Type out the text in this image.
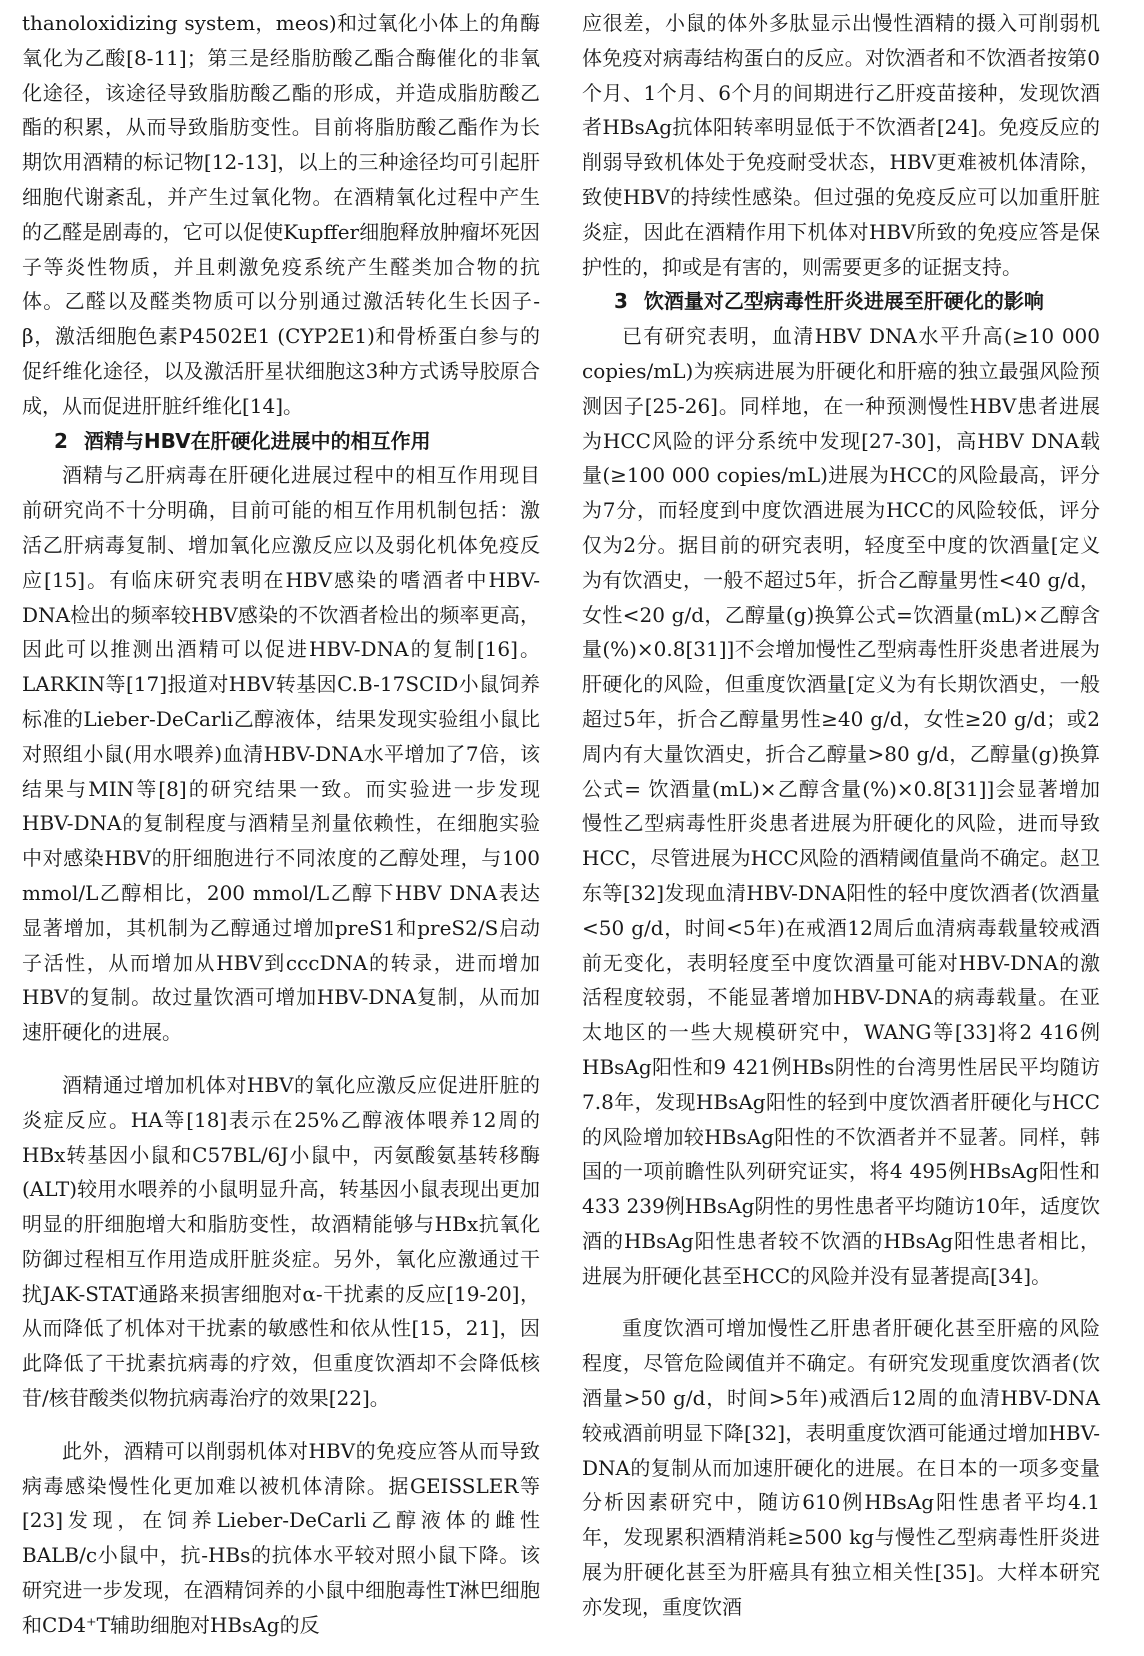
thanoloxidizing system，meos)和过氧化小体上的角酶氧化为乙酸[8-11]；第三是经脂肪酸乙酯合酶催化的非氧化途径，该途径导致脂肪酸乙酯的形成，并造成脂肪酸乙酯的积累，从而导致脂肪变性。目前将脂肪酸乙酯作为长期饮用酒精的标记物[12-13]，以上的三种途径均可引起肝细胞代谢紊乱，并产生过氧化物。在酒精氧化过程中产生的乙醛是剧毒的，它可以促使Kupffer细胞释放肿瘤坏死因子等炎性物质，并且刺激免疫系统产生醛类加合物的抗体。乙醛以及醛类物质可以分别通过激活转化生长因子-β，激活细胞色素P4502E1 (CYP2E1)和骨桥蛋白参与的促纤维化途径，以及激活肝星状细胞这3种方式诱导胶原合成，从而促进肝脏纤维化[14]。

2 酒精与HBV在肝硬化进展中的相互作用

酒精与乙肝病毒在肝硬化进展过程中的相互作用现目前研究尚不十分明确，目前可能的相互作用机制包括：激活乙肝病毒复制、增加氧化应激反应以及弱化机体免疫反应[15]。有临床研究表明在HBV感染的嗜酒者中HBV-DNA检出的频率较HBV感染的不饮酒者检出的频率更高，因此可以推测出酒精可以促进HBV-DNA的复制[16]。LARKIN等[17]报道对HBV转基因C.B-17SCID小鼠饲养标准的Lieber-DeCarli乙醇液体，结果发现实验组小鼠比对照组小鼠(用水喂养)血清HBV-DNA水平增加了7倍，该结果与MIN等[8]的研究结果一致。而实验进一步发现HBV-DNA的复制程度与酒精呈剂量依赖性，在细胞实验中对感染HBV的肝细胞进行不同浓度的乙醇处理，与100 mmol/L乙醇相比，200 mmol/L乙醇下HBV DNA表达显著增加，其机制为乙醇通过增加preS1和preS2/S启动子活性，从而增加从HBV到cccDNA的转录，进而增加HBV的复制。故过量饮酒可增加HBV-DNA复制，从而加速肝硬化的进展。

酒精通过增加机体对HBV的氧化应激反应促进肝脏的炎症反应。HA等[18]表示在25%乙醇液体喂养12周的HBx转基因小鼠和C57BL/6J小鼠中，丙氨酸氨基转移酶(ALT)较用水喂养的小鼠明显升高，转基因小鼠表现出更加明显的肝细胞增大和脂肪变性，故酒精能够与HBx抗氧化防御过程相互作用造成肝脏炎症。另外，氧化应激通过干扰JAK-STAT通路来损害细胞对α-干扰素的反应[19-20]，从而降低了机体对干扰素的敏感性和依从性[15，21]，因此降低了干扰素抗病毒的疗效，但重度饮酒却不会降低核苷/核苷酸类似物抗病毒治疗的效果[22]。

此外，酒精可以削弱机体对HBV的免疫应答从而导致病毒感染慢性化更加难以被机体清除。据GEISSLER等[23]发现，在饲养Lieber-DeCarli乙醇液体的雌性BALB/c小鼠中，抗-HBs的抗体水平较对照小鼠下降。该研究进一步发现，在酒精饲养的小鼠中细胞毒性T淋巴细胞和CD4⁺T辅助细胞对HBsAg的反

应很差，小鼠的体外多肽显示出慢性酒精的摄入可削弱机体免疫对病毒结构蛋白的反应。对饮酒者和不饮酒者按第0个月、1个月、6个月的间期进行乙肝疫苗接种，发现饮酒者HBsAg抗体阳转率明显低于不饮酒者[24]。免疫反应的削弱导致机体处于免疫耐受状态，HBV更难被机体清除，致使HBV的持续性感染。但过强的免疫反应可以加重肝脏炎症，因此在酒精作用下机体对HBV所致的免疫应答是保护性的，抑或是有害的，则需要更多的证据支持。

3 饮酒量对乙型病毒性肝炎进展至肝硬化的影响

已有研究表明，血清HBV DNA水平升高(≥10 000 copies/mL)为疾病进展为肝硬化和肝癌的独立最强风险预测因子[25-26]。同样地，在一种预测慢性HBV患者进展为HCC风险的评分系统中发现[27-30]，高HBV DNA载量(≥100 000 copies/mL)进展为HCC的风险最高，评分为7分，而轻度到中度饮酒进展为HCC的风险较低，评分仅为2分。据目前的研究表明，轻度至中度的饮酒量[定义为有饮酒史，一般不超过5年，折合乙醇量男性<40 g/d，女性<20 g/d，乙醇量(g)换算公式=饮酒量(mL)×乙醇含量(%)×0.8[31]]不会增加慢性乙型病毒性肝炎患者进展为肝硬化的风险，但重度饮酒量[定义为有长期饮酒史，一般超过5年，折合乙醇量男性≥40 g/d，女性≥20 g/d；或2周内有大量饮酒史，折合乙醇量>80 g/d，乙醇量(g)换算公式= 饮酒量(mL)×乙醇含量(%)×0.8[31]]会显著增加慢性乙型病毒性肝炎患者进展为肝硬化的风险，进而导致HCC，尽管进展为HCC风险的酒精阈值量尚不确定。赵卫东等[32]发现血清HBV-DNA阳性的轻中度饮酒者(饮酒量<50 g/d，时间<5年)在戒酒12周后血清病毒载量较戒酒前无变化，表明轻度至中度饮酒量可能对HBV-DNA的激活程度较弱，不能显著增加HBV-DNA的病毒载量。在亚太地区的一些大规模研究中，WANG等[33]将2 416例HBsAg阳性和9 421例HBs阴性的台湾男性居民平均随访7.8年，发现HBsAg阳性的轻到中度饮酒者肝硬化与HCC的风险增加较HBsAg阳性的不饮酒者并不显著。同样，韩国的一项前瞻性队列研究证实，将4 495例HBsAg阳性和433 239例HBsAg阴性的男性患者平均随访10年，适度饮酒的HBsAg阳性患者较不饮酒的HBsAg阳性患者相比，进展为肝硬化甚至HCC的风险并没有显著提高[34]。

重度饮酒可增加慢性乙肝患者肝硬化甚至肝癌的风险程度，尽管危险阈值并不确定。有研究发现重度饮酒者(饮酒量>50 g/d，时间>5年)戒酒后12周的血清HBV-DNA较戒酒前明显下降[32]，表明重度饮酒可能通过增加HBV-DNA的复制从而加速肝硬化的进展。在日本的一项多变量分析因素研究中，随访610例HBsAg阳性患者平均4.1年，发现累积酒精消耗≥500 kg与慢性乙型病毒性肝炎进展为肝硬化甚至为肝癌具有独立相关性[35]。大样本研究亦发现，重度饮酒
